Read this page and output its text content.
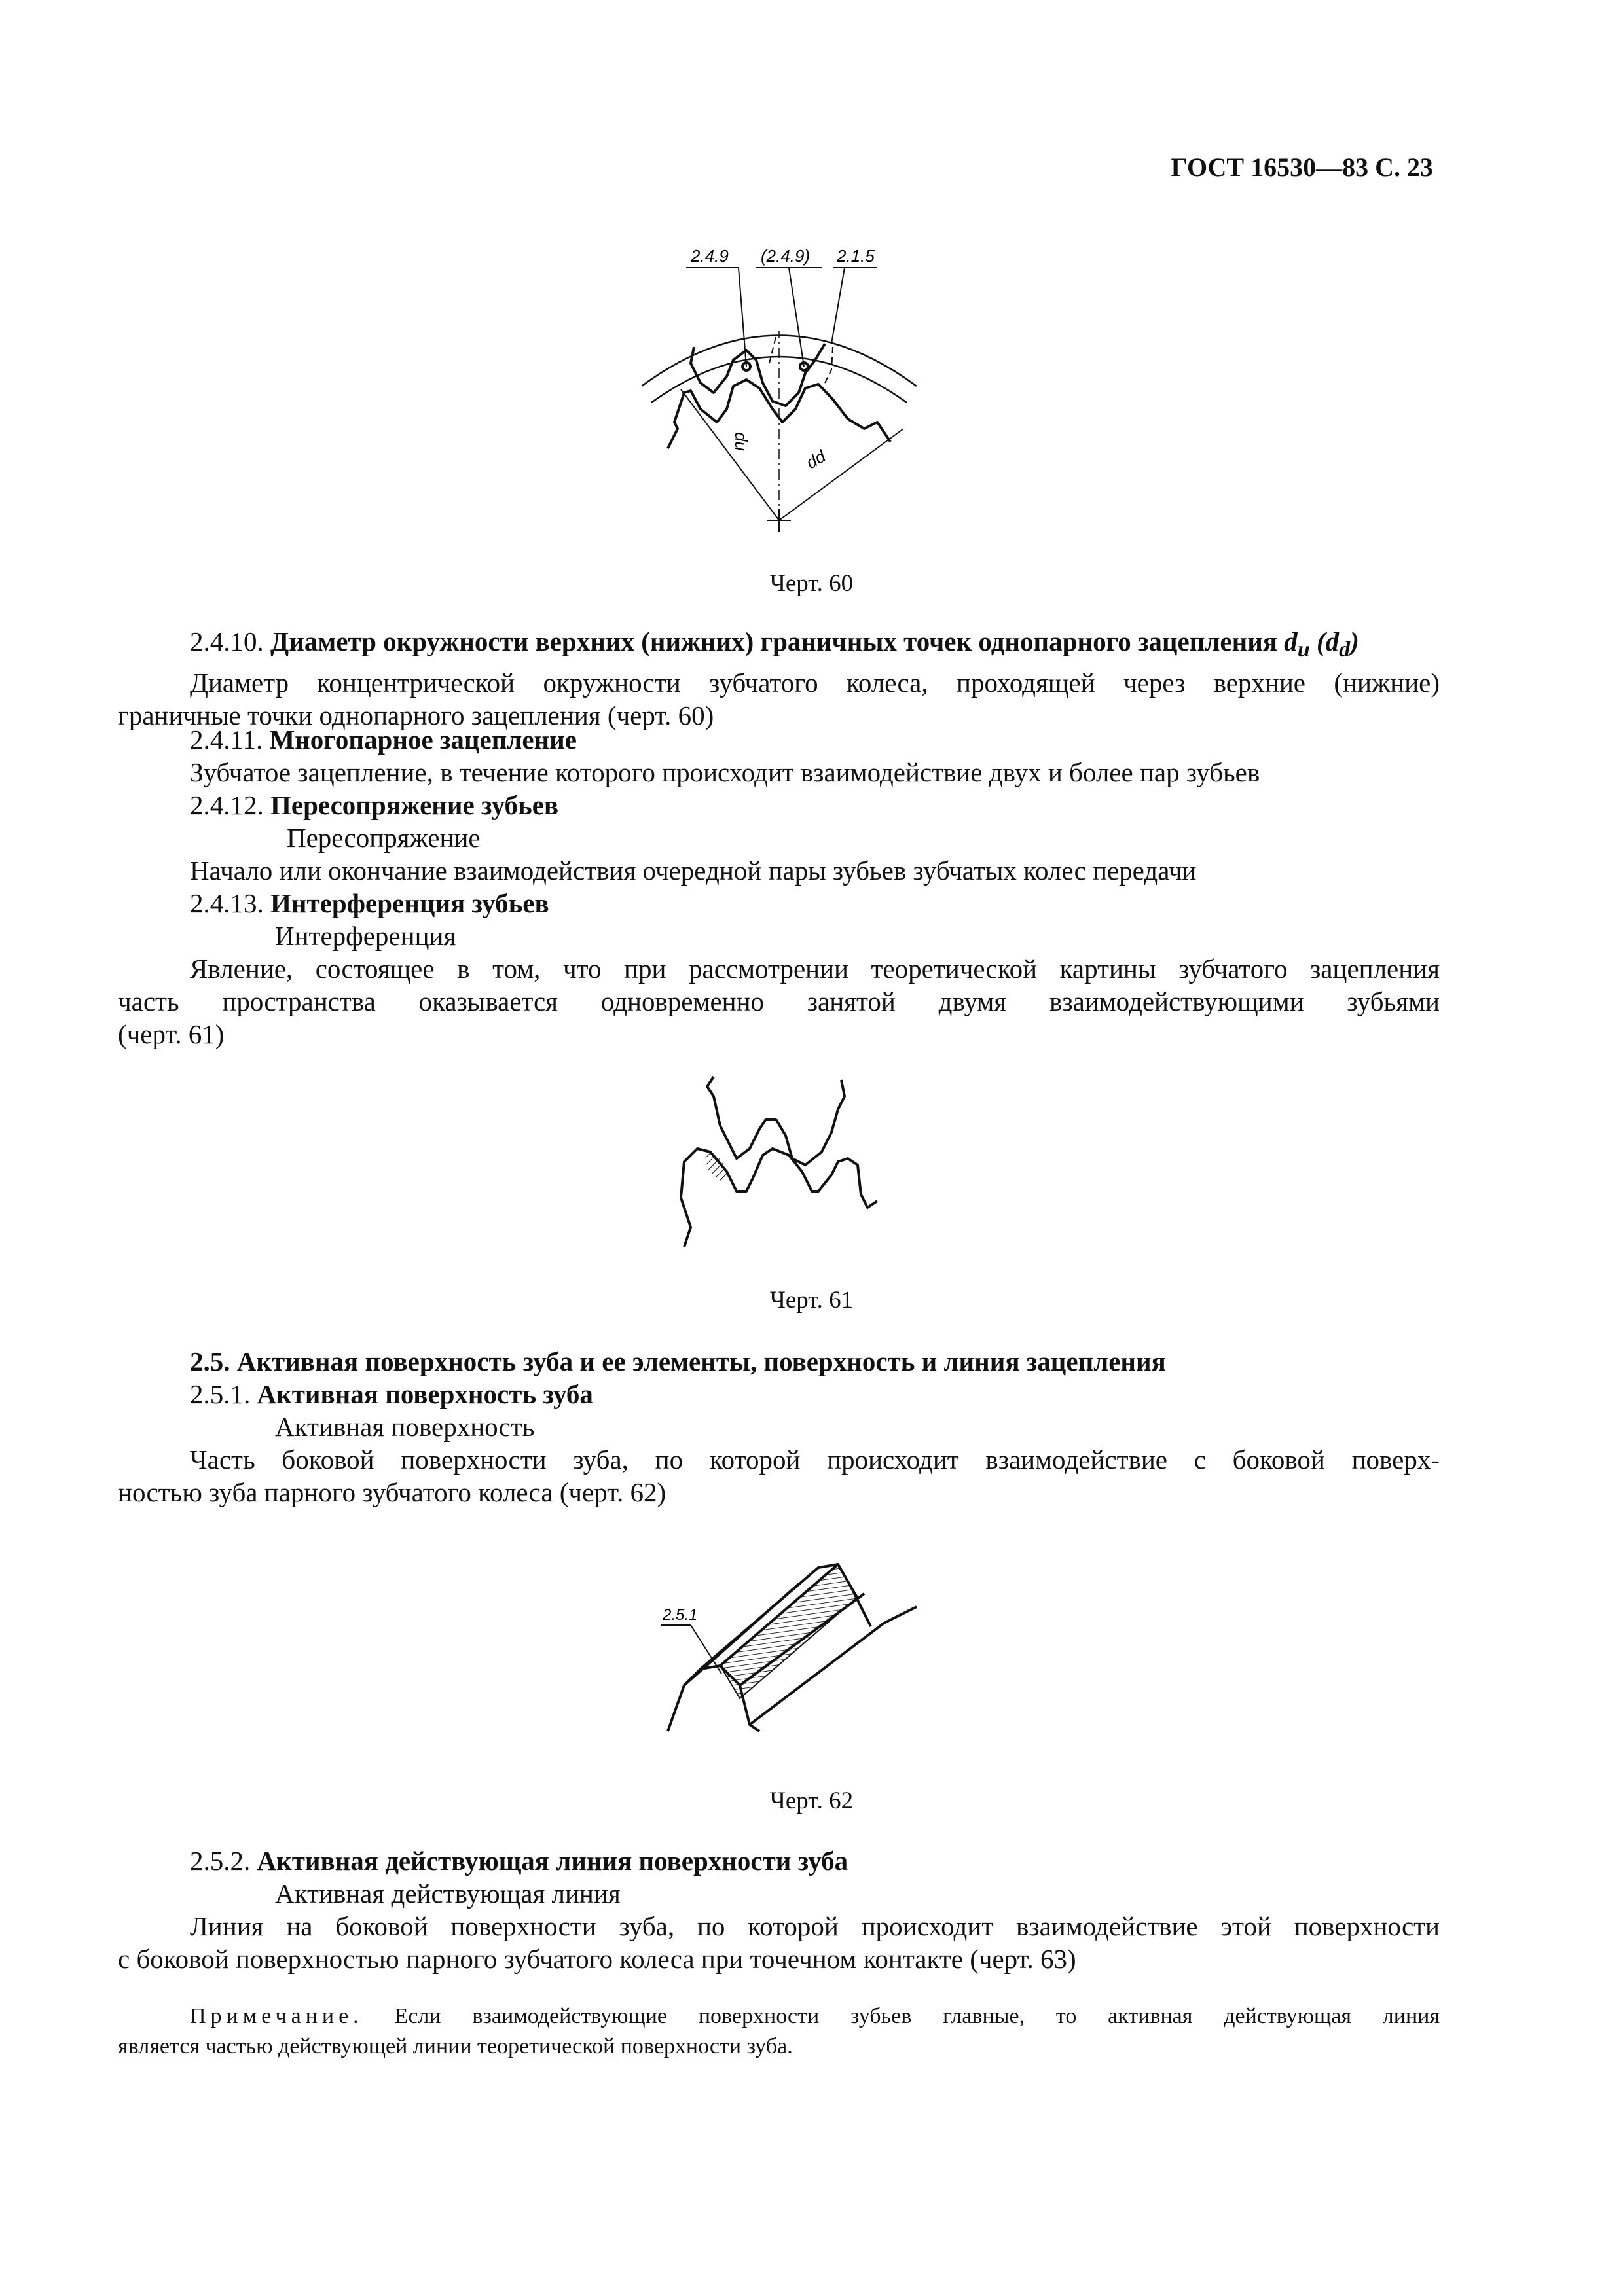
ГОСТ 16530—83 С. 23
2.4.9 (2.4.9) 2.1.5
du
dd
Черт. 60
2.4.10. Диаметр окружности верхних (нижних) граничных точек однопарного зацепления $d_u$ $(d_d)$
Диаметр концентрической окружности зубчатого колеса, проходящей через верхние (нижние)
граничные точки однопарного зацепления (черт. 60)
2.4.11. Многопарное зацепление
Зубчатое зацепление, в течение которого происходит взаимодействие двух и более пар зубьев
2.4.12. Пересопряжение зубьев
Пересопряжение
Начало или окончание взаимодействия очередной пары зубьев зубчатых колес передачи
2.4.13. Интерференция зубьев
Интерференция
Явление, состоящее в том, что при рассмотрении теоретической картины зубчатого зацепления
часть пространства оказывается одновременно занятой двумя взаимодействующими зубьями
(черт. 61)
Черт. 61
2.5. Активная поверхность зуба и ее элементы, поверхность и линия зацепления
2.5.1. Активная поверхность зуба
Активная поверхность
Часть боковой поверхности зуба, по которой происходит взаимодействие с боковой поверх-
ностью зуба парного зубчатого колеса (черт. 62)
2.5.1
Черт. 62
2.5.2. Активная действующая линия поверхности зуба
Активная действующая линия
Линия на боковой поверхности зуба, по которой происходит взаимодействие этой поверхности
с боковой поверхностью парного зубчатого колеса при точечном контакте (черт. 63)
Примечание. Если взаимодействующие поверхности зубьев главные, то активная действующая линия
является частью действующей линии теоретической поверхности зуба.
